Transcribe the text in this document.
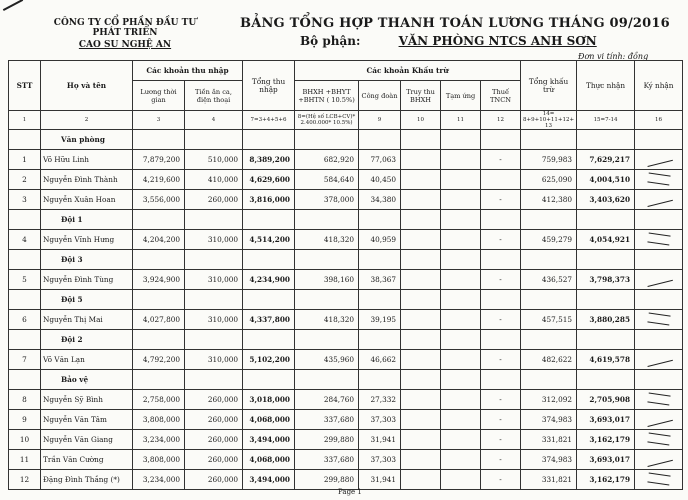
CÔNG TY CỔ PHẦN ĐẦU TƯ PHÁT TRIỂN
CAO SU NGHỆ AN
BẢNG TỔNG HỢP THANH TOÁN LƯƠNG THÁNG 09/2016
Bộ phận:	VĂN PHÒNG NTCS ANH SƠN
Đơn vị tính: đồng
STT	Họ và tên	Các khoản thu nhập		Tổng thu nhập	Các khoản Khấu trừ					Tổng khấu trừ	Thực nhận	Ký nhận
		Lương thời gian	Tiền ăn ca, điện thoại		BHXH +BHYT +BHTN ( 10.5%)	Công đoàn	Truy thu BHXH	Tạm ứng	Thuế TNCN			
1	2	3	4	7=3+4+5+6	8=(Hệ số LCB+CV)* 2.400.000* 10.5%)	9	10	11	12	14= 8+9+10+11+12+ 13	15=7-14	16
	Văn phòng											
1	Võ Hữu Linh	7,879,200	510,000	8,389,200	682,920	77,063			-	759,983	7,629,217	
2	Nguyễn Đình Thành	4,219,600	410,000	4,629,600	584,640	40,450				625,090	4,004,510	
3	Nguyễn Xuân Hoan	3,556,000	260,000	3,816,000	378,000	34,380			-	412,380	3,403,620	
	Đội 1											
4	Nguyễn Vĩnh Hưng	4,204,200	310,000	4,514,200	418,320	40,959			-	459,279	4,054,921	
	Đội 3											
5	Nguyễn Đình Tùng	3,924,900	310,000	4,234,900	398,160	38,367			-	436,527	3,798,373	
	Đội 5											
6	Nguyễn Thị Mai	4,027,800	310,000	4,337,800	418,320	39,195			-	457,515	3,880,285	
	Đội 2											
7	Võ Văn Lạn	4,792,200	310,000	5,102,200	435,960	46,662			-	482,622	4,619,578	
	Bảo vệ											
8	Nguyễn Sỹ Bình	2,758,000	260,000	3,018,000	284,760	27,332			-	312,092	2,705,908	
9	Nguyễn Văn Tâm	3,808,000	260,000	4,068,000	337,680	37,303			-	374,983	3,693,017	
10	Nguyễn Văn Giang	3,234,000	260,000	3,494,000	299,880	31,941			-	331,821	3,162,179	
11	Trần Văn Cường	3,808,000	260,000	4,068,000	337,680	37,303			-	374,983	3,693,017	
12	Đặng Đình Thắng (*)	3,234,000	260,000	3,494,000	299,880	31,941			-	331,821	3,162,179	
Page 1
